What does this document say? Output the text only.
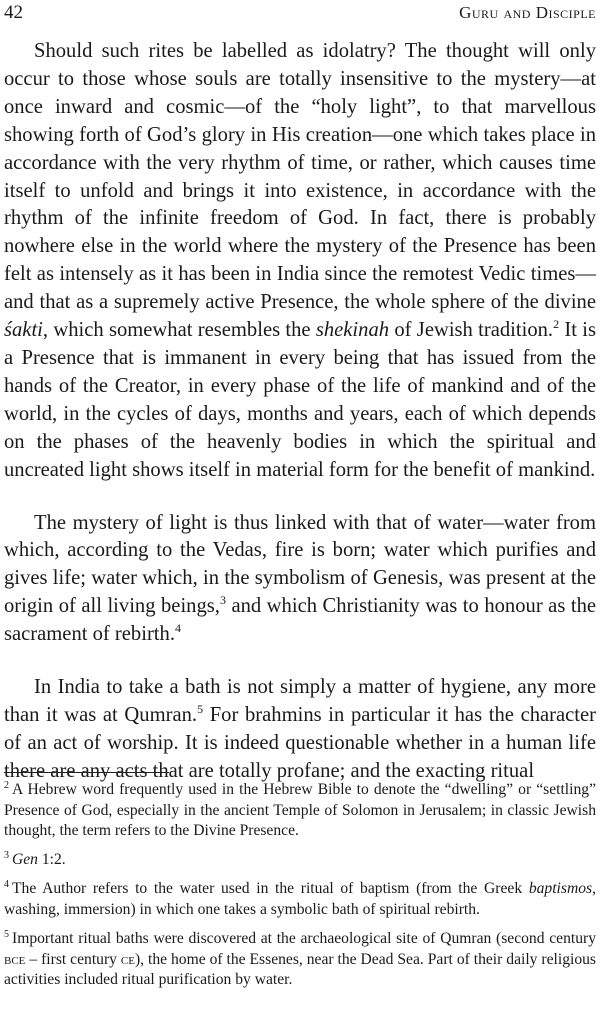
42	Guru and Disciple

Should such rites be labelled as idolatry? The thought will only occur to those whose souls are totally insensitive to the mystery—at once inward and cosmic—of the “holy light”, to that marvellous showing forth of God’s glory in His creation—one which takes place in accordance with the very rhythm of time, or rather, which causes time itself to unfold and brings it into existence, in accordance with the rhythm of the infinite freedom of God. In fact, there is probably nowhere else in the world where the mystery of the Presence has been felt as intensely as it has been in India since the remotest Vedic times—and that as a supremely active Presence, the whole sphere of the divine śakti, which somewhat resembles the shekinah of Jewish tradition.$^2$ It is a Presence that is immanent in every being that has issued from the hands of the Creator, in every phase of the life of mankind and of the world, in the cycles of days, months and years, each of which depends on the phases of the heavenly bodies in which the spiritual and uncreated light shows itself in material form for the benefit of mankind.

The mystery of light is thus linked with that of water—water from which, according to the Vedas, fire is born; water which purifies and gives life; water which, in the symbolism of Genesis, was present at the origin of all living beings,$^3$ and which Christianity was to honour as the sacrament of rebirth.$^4$

In India to take a bath is not simply a matter of hygiene, any more than it was at Qumran.$^5$ For brahmins in particular it has the character of an act of worship. It is indeed questionable whether in a human life there are any acts that are totally profane; and the exacting ritual

$^2$ A Hebrew word frequently used in the Hebrew Bible to denote the “dwelling” or “settling” Presence of God, especially in the ancient Temple of Solomon in Jerusalem; in classic Jewish thought, the term refers to the Divine Presence.

$^3$ Gen 1:2.

$^4$ The Author refers to the water used in the ritual of baptism (from the Greek baptismos, washing, immersion) in which one takes a symbolic bath of spiritual rebirth.

$^5$ Important ritual baths were discovered at the archaeological site of Qumran (second century bce – first century ce), the home of the Essenes, near the Dead Sea. Part of their daily religious activities included ritual purification by water.
